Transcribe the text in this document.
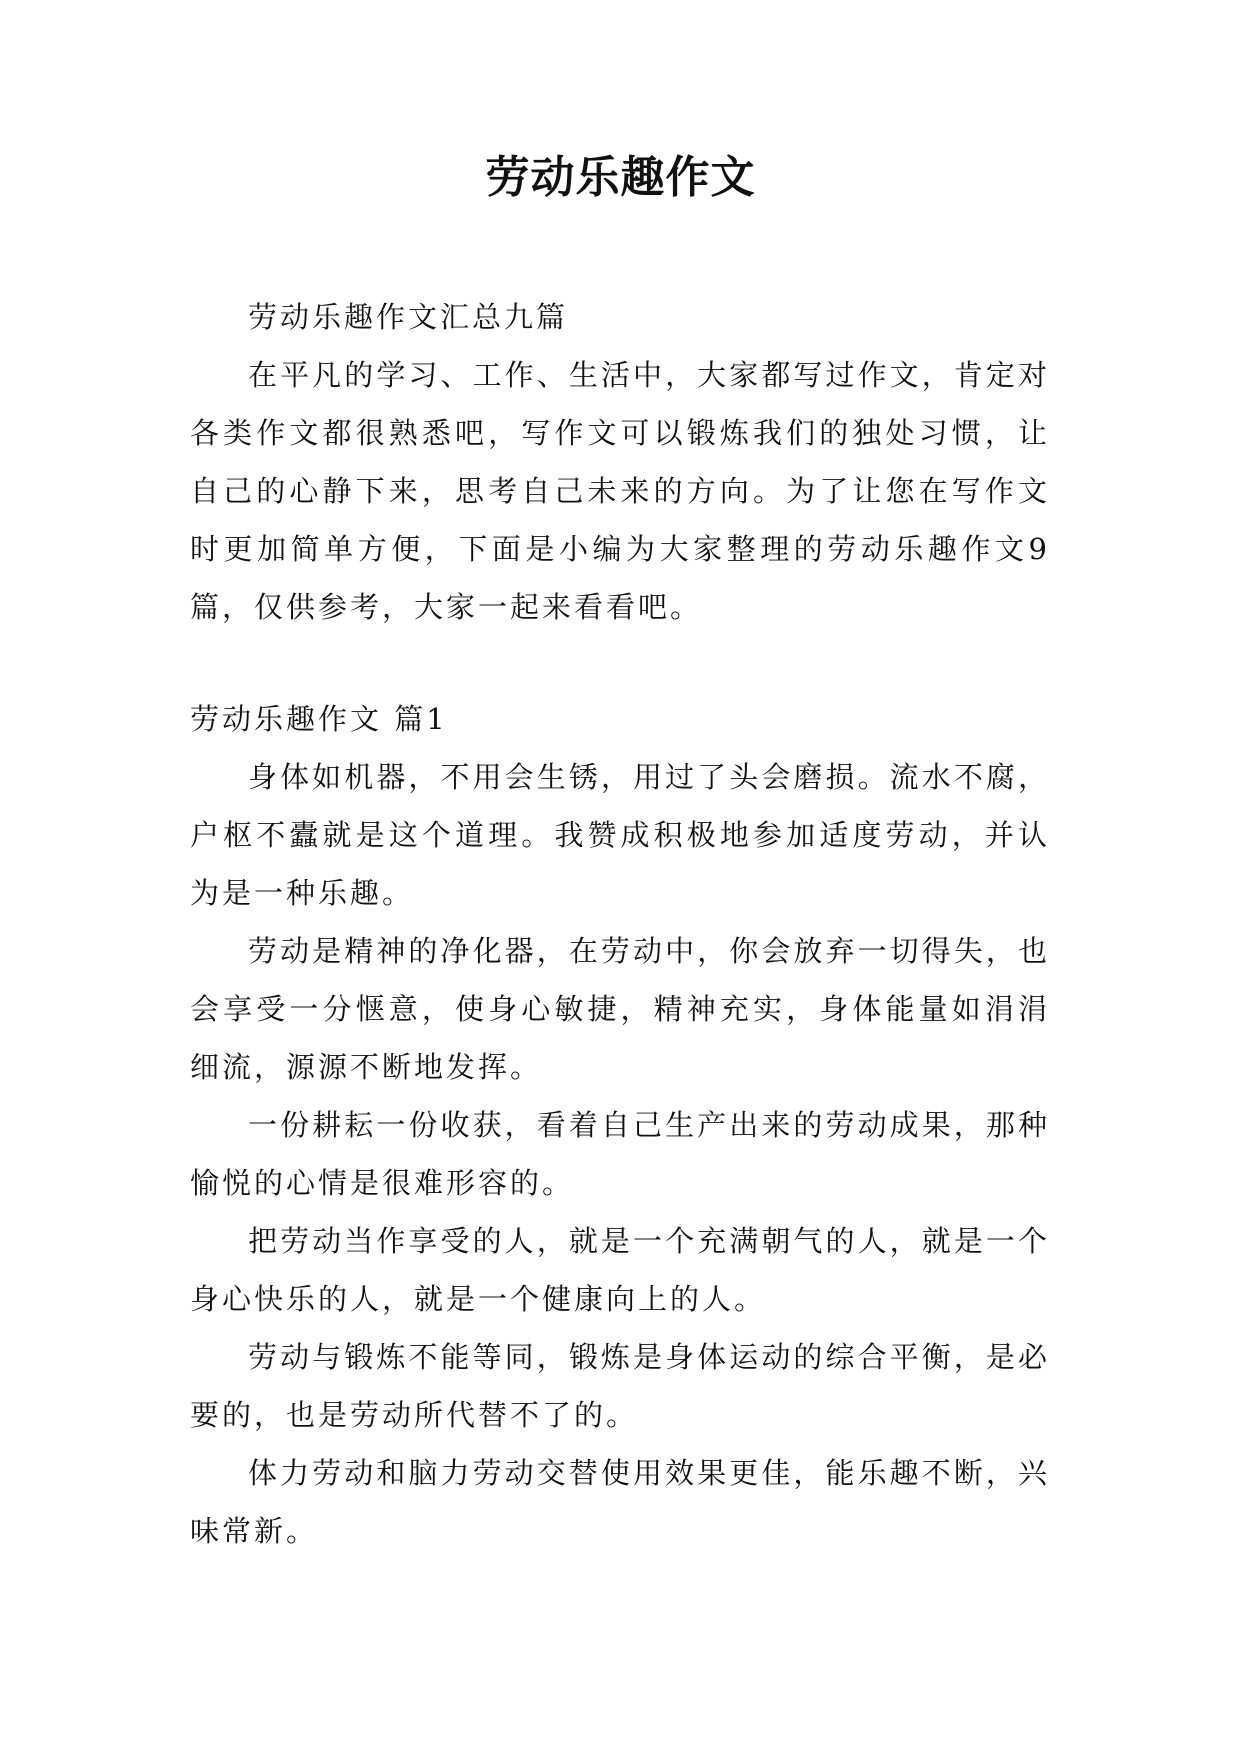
劳动乐趣作文

劳动乐趣作文汇总九篇

在平凡的学习、工作、生活中，大家都写过作文，肯定对各类作文都很熟悉吧，写作文可以锻炼我们的独处习惯，让自己的心静下来，思考自己未来的方向。为了让您在写作文时更加简单方便，下面是小编为大家整理的劳动乐趣作文9篇，仅供参考，大家一起来看看吧。

劳动乐趣作文 篇1

身体如机器，不用会生锈，用过了头会磨损。流水不腐，户枢不蠹就是这个道理。我赞成积极地参加适度劳动，并认为是一种乐趣。

劳动是精神的净化器，在劳动中，你会放弃一切得失，也会享受一分惬意，使身心敏捷，精神充实，身体能量如涓涓细流，源源不断地发挥。

一份耕耘一份收获，看着自己生产出来的劳动成果，那种愉悦的心情是很难形容的。

把劳动当作享受的人，就是一个充满朝气的人，就是一个身心快乐的人，就是一个健康向上的人。

劳动与锻炼不能等同，锻炼是身体运动的综合平衡，是必要的，也是劳动所代替不了的。

体力劳动和脑力劳动交替使用效果更佳，能乐趣不断，兴味常新。
